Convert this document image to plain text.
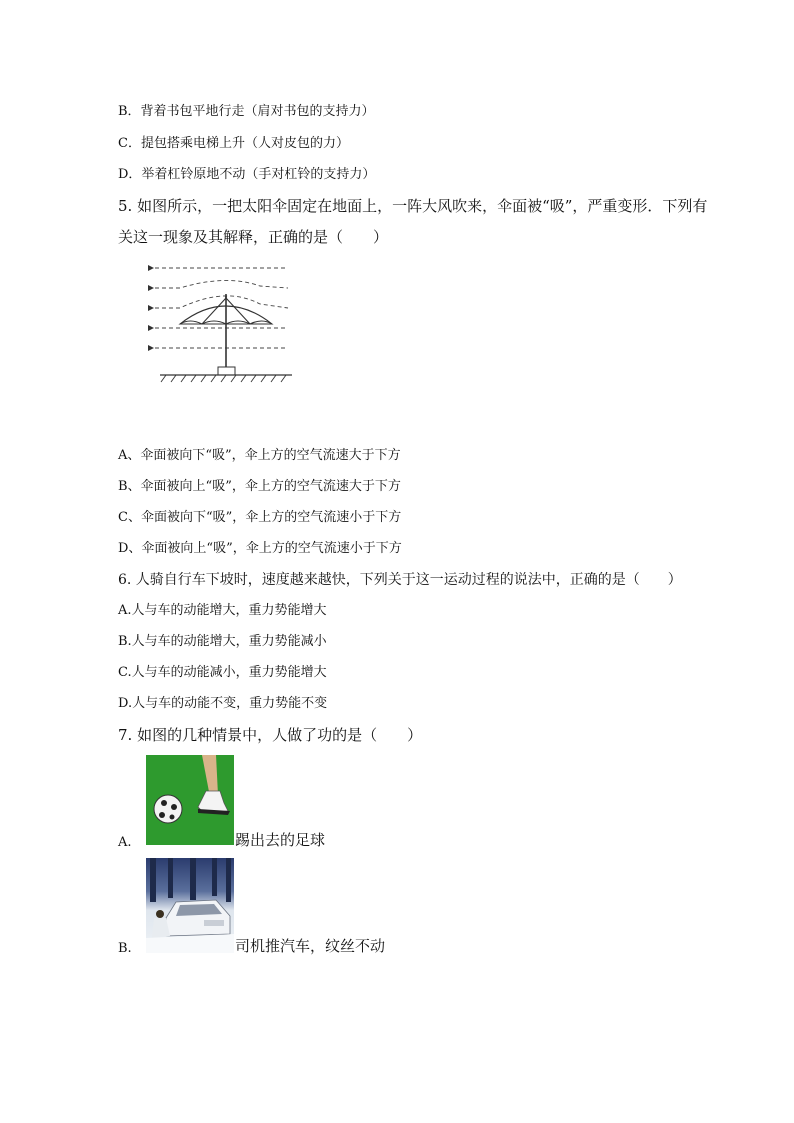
B．背着书包平地行走（肩对书包的支持力）
C．提包搭乘电梯上升（人对皮包的力）
D．举着杠铃原地不动（手对杠铃的支持力）
5. 如图所示，一把太阳伞固定在地面上，一阵大风吹来，伞面被“吸”，严重变形．下列有
关这一现象及其解释，正确的是（　　）
A、伞面被向下“吸”，伞上方的空气流速大于下方
B、伞面被向上“吸”，伞上方的空气流速大于下方
C、伞面被向下“吸”，伞上方的空气流速小于下方
D、伞面被向上“吸”，伞上方的空气流速小于下方
6. 人骑自行车下坡时，速度越来越快，下列关于这一运动过程的说法中，正确的是（　　）
A.人与车的动能增大，重力势能增大
B.人与车的动能增大，重力势能减小
C.人与车的动能减小，重力势能增大
D.人与车的动能不变，重力势能不变
7. 如图的几种情景中，人做了功的是（　　）
A.	踢出去的足球
B.	司机推汽车，纹丝不动
